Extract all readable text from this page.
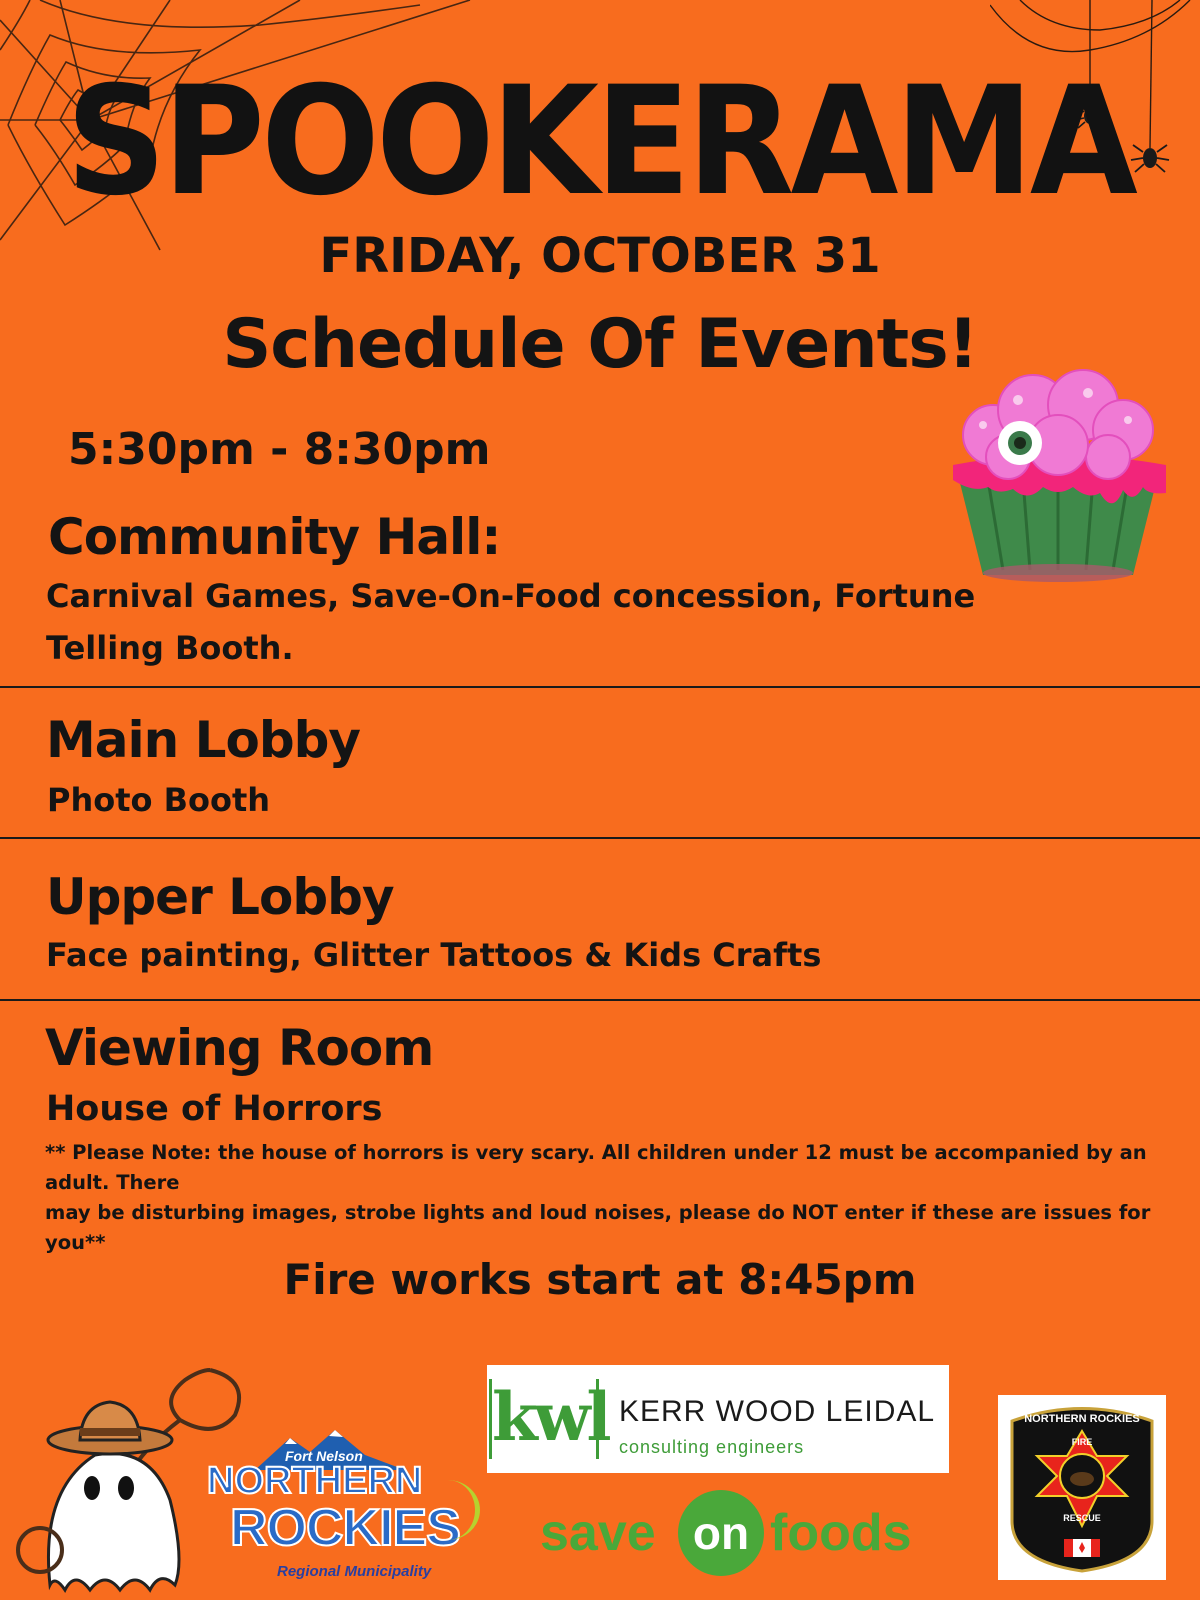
SPOOKERAMA
FRIDAY, OCTOBER 31
Schedule Of Events!
5:30pm - 8:30pm
Community Hall:
Carnival Games, Save-On-Food concession, Fortune
Telling Booth.
Main Lobby
Photo Booth
Upper Lobby
Face painting, Glitter Tattoos & Kids Crafts
Viewing Room
House of Horrors
** Please Note: the house of horrors is very scary. All children under 12 must be accompanied by an adult. There
may be disturbing images, strobe lights and loud noises, please do NOT enter if these are issues for you**
Fire works start at 8:45pm
Fort Nelson
NORTHERN
ROCKIES
Regional Municipality
kwl KERR WOOD LEIDAL
consulting engineers
save on foods
NORTHERN ROCKIES
FIRE
RESCUE
